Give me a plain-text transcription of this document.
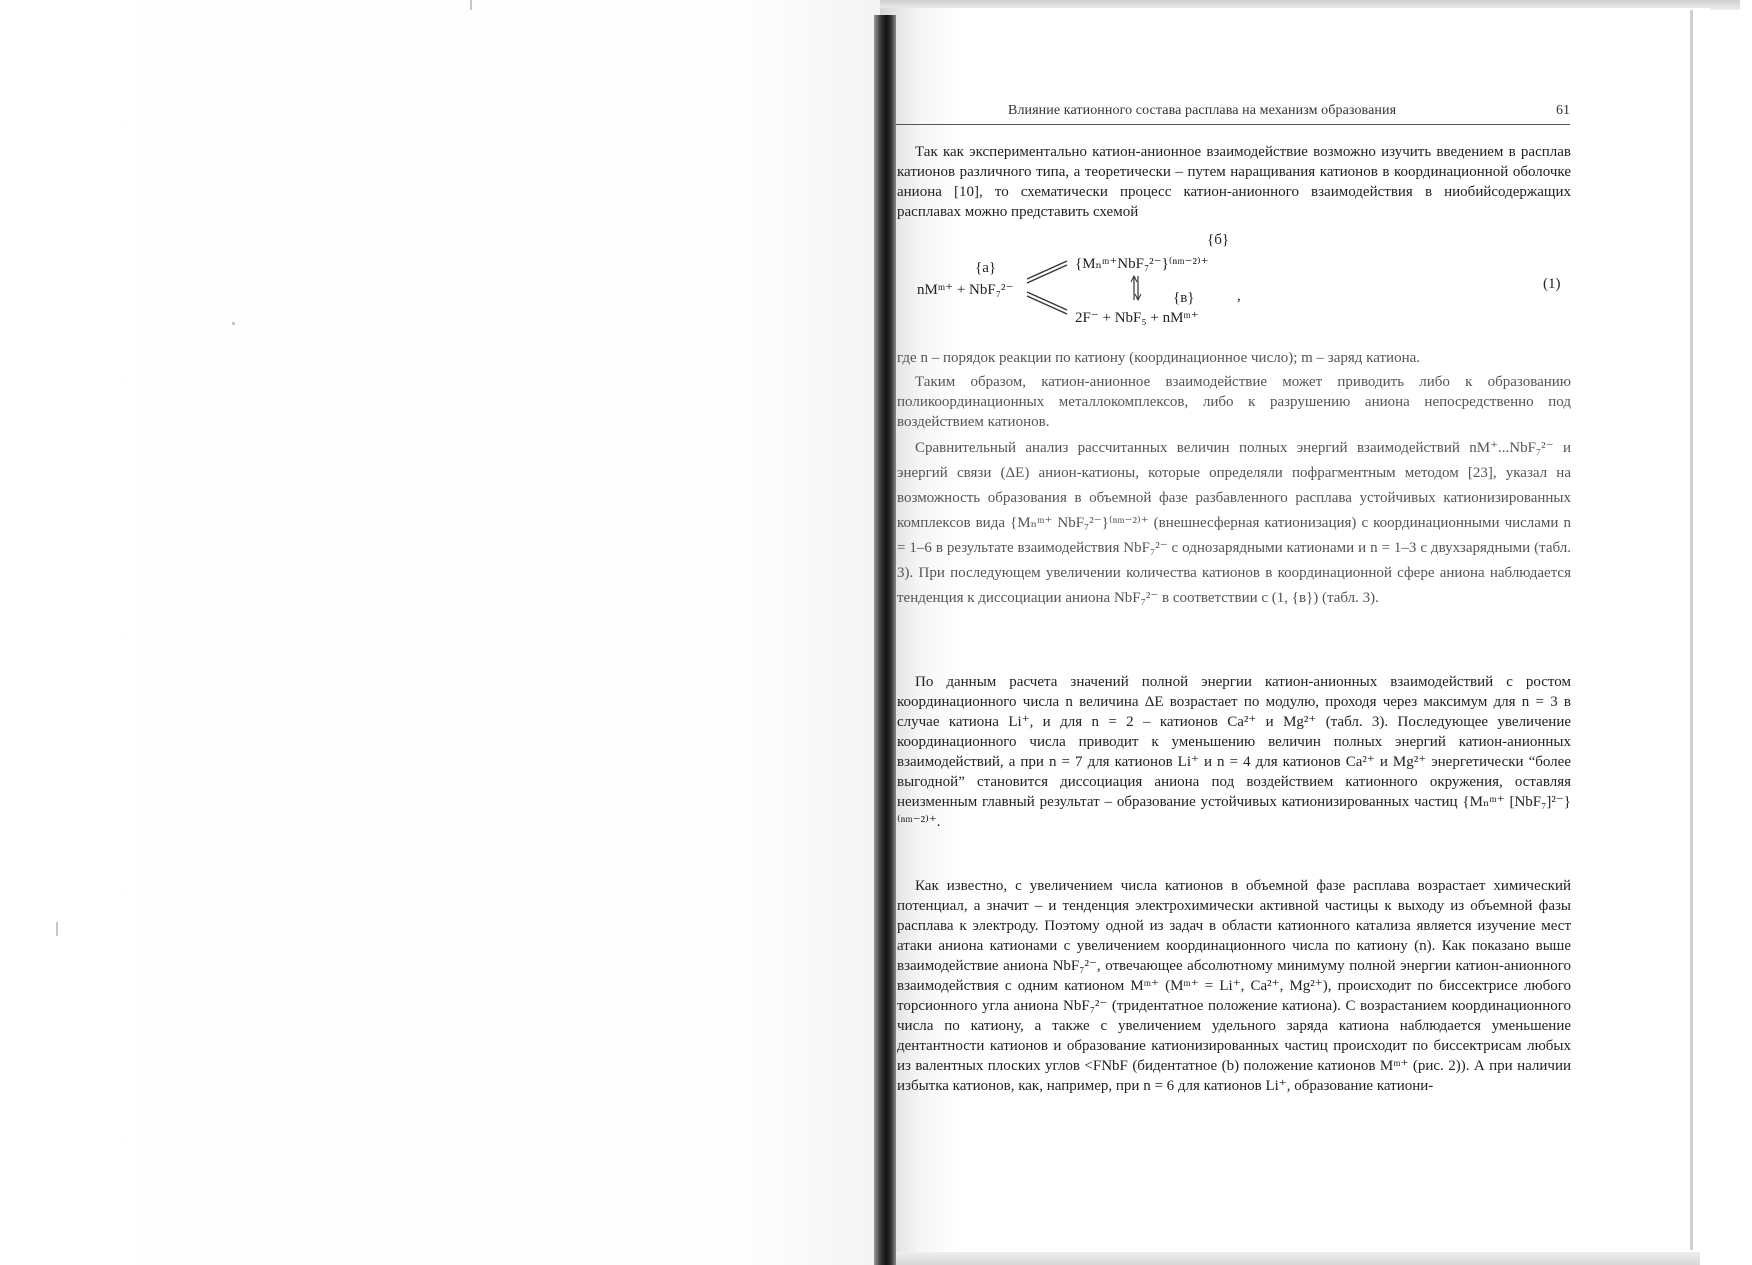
Влияние катионного состава расплава на механизм образования	61
Так как экспериментально катион-анионное взаимодействие возможно изучить введением в расплав катионов различного типа, а теоретически – путем наращивания катионов в координационной оболочке аниона [10], то схематически процесс катион-анионного взаимодействия в ниобийсодержащих расплавах можно представить схемой
{а}
{б}
nMᵐ⁺ + NbF₇²⁻
{Mₙᵐ⁺NbF₇²⁻}⁽ⁿᵐ⁻²⁾⁺
{в}	,
2F⁻ + NbF₅ + nMᵐ⁺
(1)
где n – порядок реакции по катиону (координационное число); m – заряд катиона.
Таким образом, катион-анионное взаимодействие может приводить либо к образованию поликоординационных металлокомплексов, либо к разрушению аниона непосредственно под воздействием катионов.
Сравнительный анализ рассчитанных величин полных энергий взаимодействий nM⁺...NbF₇²⁻ и энергий связи (ΔE) анион-катионы, которые определяли пофрагментным методом [23], указал на возможность образования в объемной фазе разбавленного расплава устойчивых катионизированных комплексов вида {Mₙᵐ⁺ NbF₇²⁻}⁽ⁿᵐ⁻²⁾⁺ (внешнесферная катионизация) с координационными числами n = 1–6 в результате взаимодействия NbF₇²⁻ с однозарядными катионами и n = 1–3 с двухзарядными (табл. 3). При последующем увеличении количества катионов в координационной сфере аниона наблюдается тенденция к диссоциации аниона NbF₇²⁻ в соответствии с (1, {в}) (табл. 3).
По данным расчета значений полной энергии катион-анионных взаимодействий с ростом координационного числа n величина ΔE возрастает по модулю, проходя через максимум для n = 3 в случае катиона Li⁺, и для n = 2 – катионов Ca²⁺ и Mg²⁺ (табл. 3). Последующее увеличение координационного числа приводит к уменьшению величин полных энергий катион-анионных взаимодействий, а при n = 7 для катионов Li⁺ и n = 4 для катионов Ca²⁺ и Mg²⁺ энергетически “более выгодной” становится диссоциация аниона под воздействием катионного окружения, оставляя неизменным главный результат – образование устойчивых катионизированных частиц {Mₙᵐ⁺ [NbF₇]²⁻}⁽ⁿᵐ⁻²⁾⁺.
Как известно, с увеличением числа катионов в объемной фазе расплава возрастает химический потенциал, а значит – и тенденция электрохимически активной частицы к выходу из объемной фазы расплава к электроду. Поэтому одной из задач в области катионного катализа является изучение мест атаки аниона катионами с увеличением координационного числа по катиону (n). Как показано выше взаимодействие аниона NbF₇²⁻, отвечающее абсолютному минимуму полной энергии катион-анионного взаимодействия с одним катионом Mᵐ⁺ (Mᵐ⁺ = Li⁺, Ca²⁺, Mg²⁺), происходит по биссектрисе любого торсионного угла аниона NbF₇²⁻ (тридентатное положение катиона). С возрастанием координационного числа по катиону, а также с увеличением удельного заряда катиона наблюдается уменьшение дентантности катионов и образование катионизированных частиц происходит по биссектрисам любых из валентных плоских углов <FNbF (бидентатное (b) положение катионов Mᵐ⁺ (рис. 2)). А при наличии избытка катионов, как, например, при n = 6 для катионов Li⁺, образование катиони-
